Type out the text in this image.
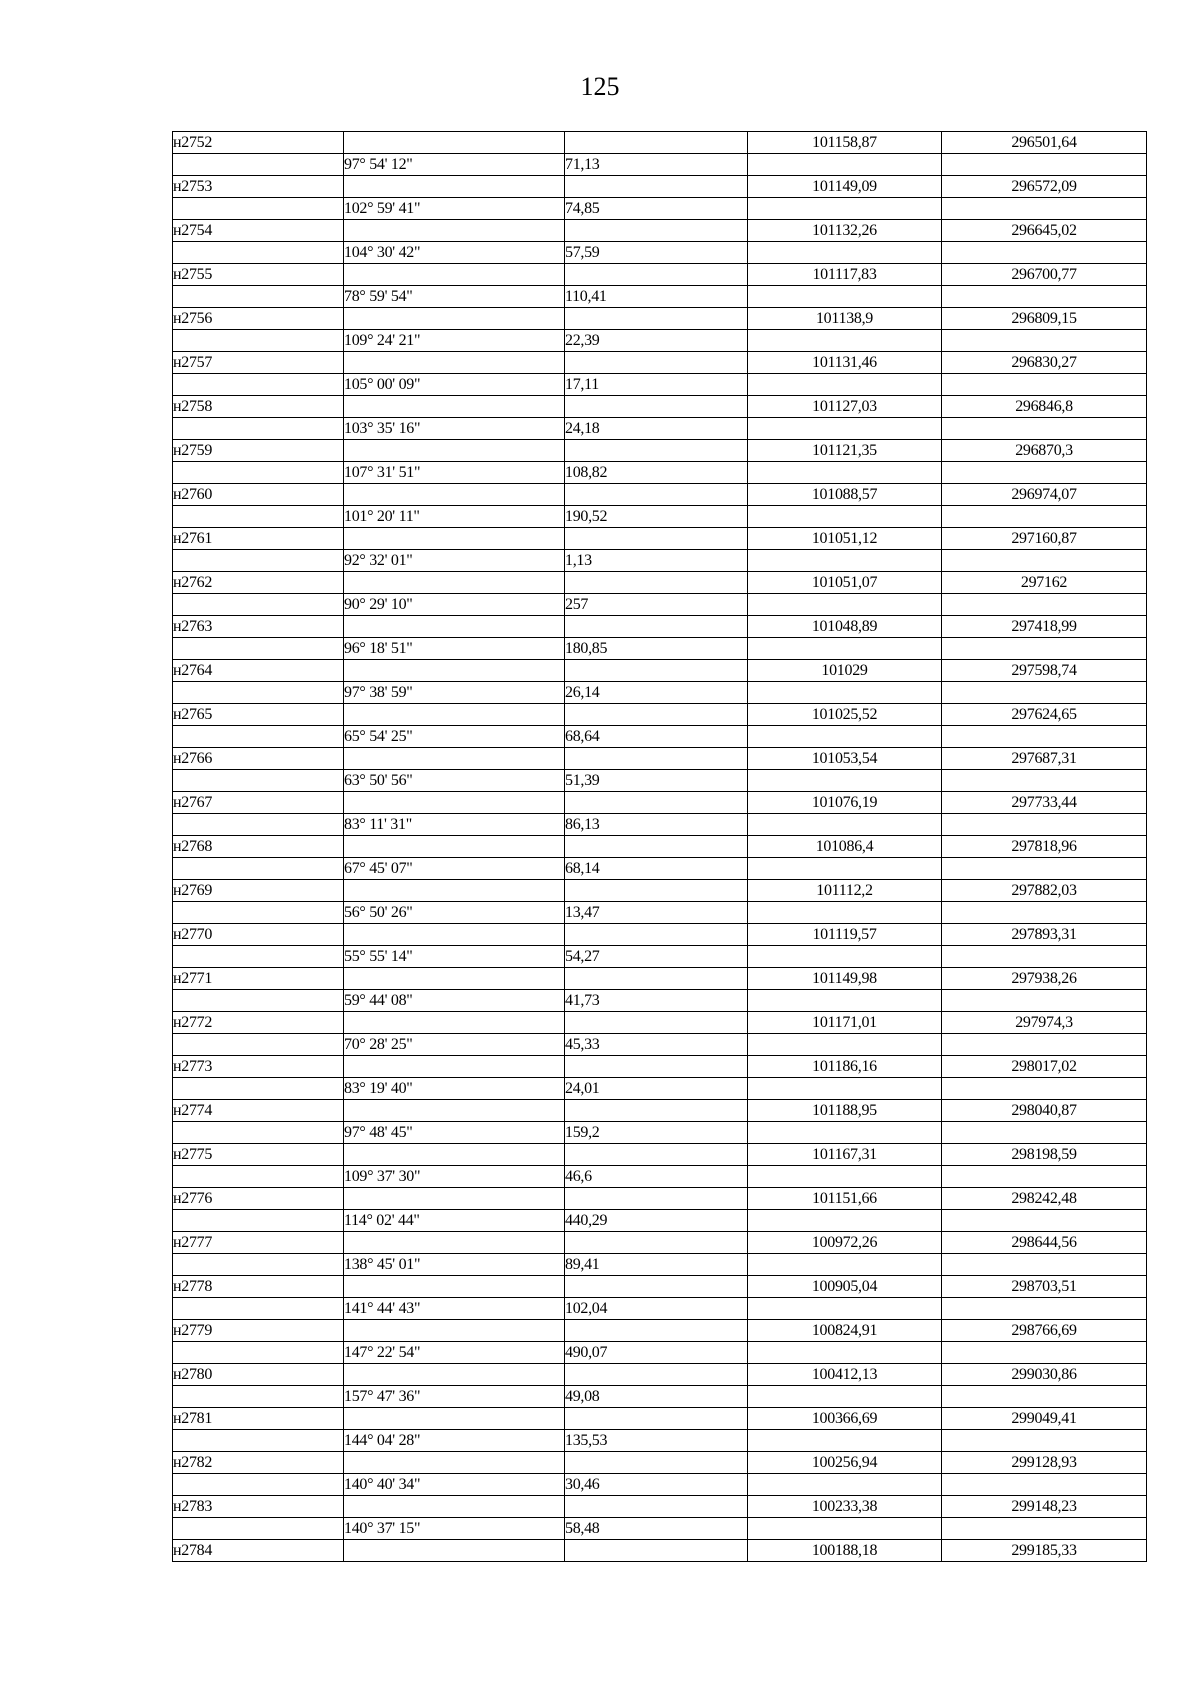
125
н2752			101158,87	296501,64
	97° 54' 12"	71,13		
н2753			101149,09	296572,09
	102° 59' 41"	74,85		
н2754			101132,26	296645,02
	104° 30' 42"	57,59		
н2755			101117,83	296700,77
	78° 59' 54"	110,41		
н2756			101138,9	296809,15
	109° 24' 21"	22,39		
н2757			101131,46	296830,27
	105° 00' 09"	17,11		
н2758			101127,03	296846,8
	103° 35' 16"	24,18		
н2759			101121,35	296870,3
	107° 31' 51"	108,82		
н2760			101088,57	296974,07
	101° 20' 11"	190,52		
н2761			101051,12	297160,87
	92° 32' 01"	1,13		
н2762			101051,07	297162
	90° 29' 10"	257		
н2763			101048,89	297418,99
	96° 18' 51"	180,85		
н2764			101029	297598,74
	97° 38' 59"	26,14		
н2765			101025,52	297624,65
	65° 54' 25"	68,64		
н2766			101053,54	297687,31
	63° 50' 56"	51,39		
н2767			101076,19	297733,44
	83° 11' 31"	86,13		
н2768			101086,4	297818,96
	67° 45' 07"	68,14		
н2769			101112,2	297882,03
	56° 50' 26"	13,47		
н2770			101119,57	297893,31
	55° 55' 14"	54,27		
н2771			101149,98	297938,26
	59° 44' 08"	41,73		
н2772			101171,01	297974,3
	70° 28' 25"	45,33		
н2773			101186,16	298017,02
	83° 19' 40"	24,01		
н2774			101188,95	298040,87
	97° 48' 45"	159,2		
н2775			101167,31	298198,59
	109° 37' 30"	46,6		
н2776			101151,66	298242,48
	114° 02' 44"	440,29		
н2777			100972,26	298644,56
	138° 45' 01"	89,41		
н2778			100905,04	298703,51
	141° 44' 43"	102,04		
н2779			100824,91	298766,69
	147° 22' 54"	490,07		
н2780			100412,13	299030,86
	157° 47' 36"	49,08		
н2781			100366,69	299049,41
	144° 04' 28"	135,53		
н2782			100256,94	299128,93
	140° 40' 34"	30,46		
н2783			100233,38	299148,23
	140° 37' 15"	58,48		
н2784			100188,18	299185,33
